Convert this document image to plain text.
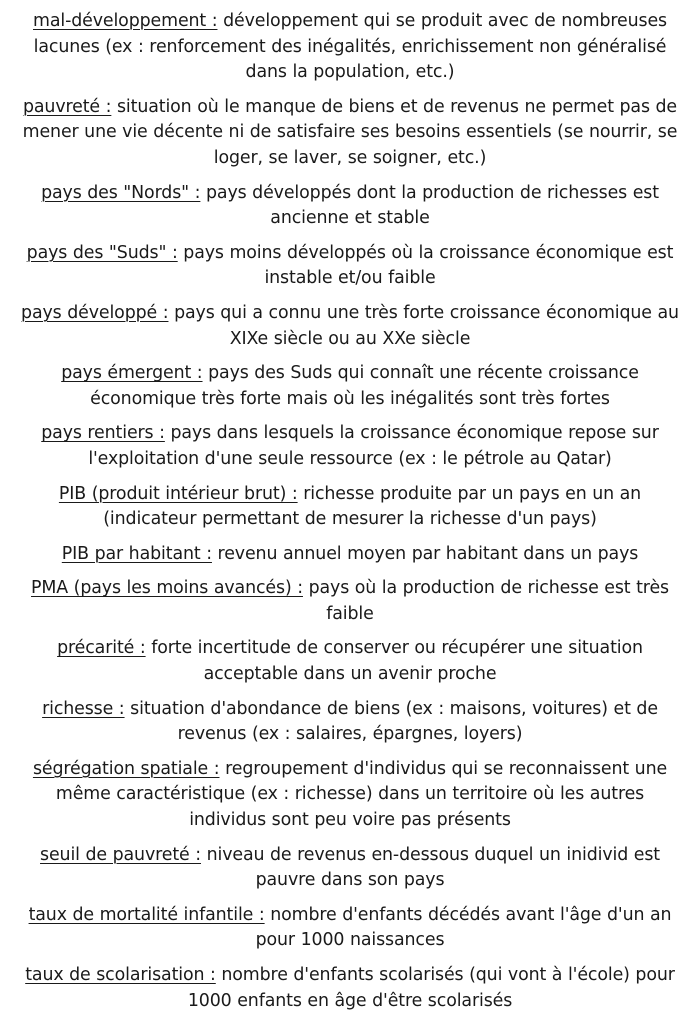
mal-développement : développement qui se produit avec de nombreuses lacunes (ex : renforcement des inégalités, enrichissement non généralisé dans la population, etc.)

pauvreté : situation où le manque de biens et de revenus ne permet pas de mener une vie décente ni de satisfaire ses besoins essentiels (se nourrir, se loger, se laver, se soigner, etc.)

pays des "Nords" : pays développés dont la production de richesses est ancienne et stable

pays des "Suds" : pays moins développés où la croissance économique est instable et/ou faible

pays développé : pays qui a connu une très forte croissance économique au XIXe siècle ou au XXe siècle

pays émergent : pays des Suds qui connaît une récente croissance économique très forte mais où les inégalités sont très fortes

pays rentiers : pays dans lesquels la croissance économique repose sur l'exploitation d'une seule ressource (ex : le pétrole au Qatar)

PIB (produit intérieur brut) : richesse produite par un pays en un an (indicateur permettant de mesurer la richesse d'un pays)

PIB par habitant : revenu annuel moyen par habitant dans un pays

PMA (pays les moins avancés) : pays où la production de richesse est très faible

précarité : forte incertitude de conserver ou récupérer une situation acceptable dans un avenir proche

richesse : situation d'abondance de biens (ex : maisons, voitures) et de revenus (ex : salaires, épargnes, loyers)

ségrégation spatiale : regroupement d'individus qui se reconnaissent une même caractéristique (ex : richesse) dans un territoire où les autres individus sont peu voire pas présents

seuil de pauvreté : niveau de revenus en-dessous duquel un inidivid est pauvre dans son pays

taux de mortalité infantile : nombre d'enfants décédés avant l'âge d'un an pour 1000 naissances

taux de scolarisation : nombre d'enfants scolarisés (qui vont à l'école) pour 1000 enfants en âge d'être scolarisés
